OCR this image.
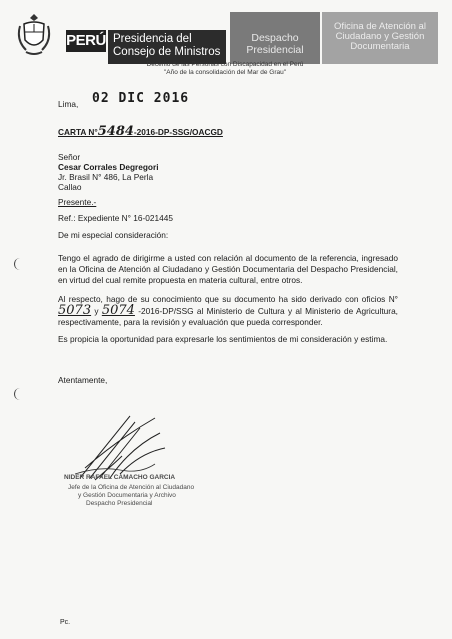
PERÚ Presidencia del Consejo de Ministros
Despacho Presidencial
Oficina de Atención al Ciudadano y Gestión Documentaria
Decenio de las Personas con Discapacidad en el Perú
"Año de la consolidación del Mar de Grau"
Lima, 02 DIC 2016
CARTA N°5484-2016-DP-SSG/OACGD
Señor
Cesar Corrales Degregori
Jr. Brasil N° 486, La Perla
Callao
Presente.-
Ref.: Expediente N° 16-021445
De mi especial consideración:
Tengo el agrado de dirigirme a usted con relación al documento de la referencia, ingresado en la Oficina de Atención al Ciudadano y Gestión Documentaria del Despacho Presidencial, en virtud del cual remite propuesta en materia cultural, entre otros.
Al respecto, hago de su conocimiento que su documento ha sido derivado con oficios N° 5073 y 5074 -2016-DP/SSG al Ministerio de Cultura y al Ministerio de Agricultura, respectivamente, para la revisión y evaluación que pueda corresponder.
Es propicia la oportunidad para expresarle los sentimientos de mi consideración y estima.
Atentamente,
NIDER RAFAEL CAMACHO GARCIA
Jefe de la Oficina de Atención al Ciudadano
y Gestión Documentaria y Archivo
Despacho Presidencial
Pc.
